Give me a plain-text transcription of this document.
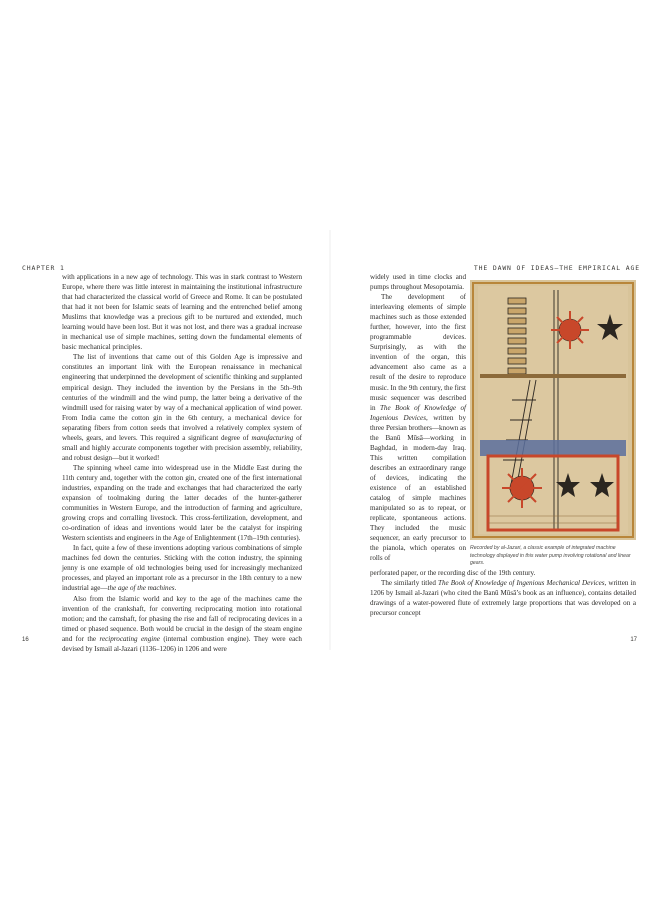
CHAPTER 1	THE DAWN OF IDEAS—THE EMPIRICAL AGE

with applications in a new age of technology. This was in stark contrast to Western Europe, where there was little interest in maintaining the institutional infrastructure that had characterized the classical world of Greece and Rome. It can be postulated that had it not been for Islamic seats of learning and the entrenched belief among Muslims that knowledge was a precious gift to be nurtured and extended, much learning would have been lost. But it was not lost, and there was a gradual increase in mechanical use of simple machines, setting down the fundamental elements of basic mechanical principles.

The list of inventions that came out of this Golden Age is impressive and constitutes an important link with the European renaissance in mechanical engineering that underpinned the development of scientific thinking and supplanted empirical design. They included the invention by the Persians in the 5th–9th centuries of the windmill and the wind pump, the latter being a derivative of the windmill used for raising water by way of a mechanical application of wind power. From India came the cotton gin in the 6th century, a mechanical device for separating fibers from cotton seeds that involved a relatively complex system of wheels, gears, and levers. This required a significant degree of manufacturing of small and highly accurate components together with precision assembly, reliability, and robust design—but it worked!

The spinning wheel came into widespread use in the Middle East during the 11th century and, together with the cotton gin, created one of the first international industries, expanding on the trade and exchanges that had characterized the early expansion of toolmaking during the latter decades of the hunter-gatherer communities in Western Europe, and the introduction of farming and agriculture, growing crops and corralling livestock. This cross-fertilization, development, and co-ordination of ideas and inventions would later be the catalyst for inspiring Western scientists and engineers in the Age of Enlightenment (17th–19th centuries).

In fact, quite a few of these inventions adopting various combinations of simple machines fed down the centuries. Sticking with the cotton industry, the spinning jenny is one example of old technologies being used for increasingly mechanized processes, and played an important role as a precursor in the 18th century to a new industrial age—the age of the machines.

Also from the Islamic world and key to the age of the machines came the invention of the crankshaft, for converting reciprocating motion into rotational motion; and the camshaft, for phasing the rise and fall of reciprocating devices in a timed or phased sequence. Both would be crucial in the design of the steam engine and for the reciprocating engine (internal combustion engine). They were each devised by Ismail al-Jazari (1136–1206) in 1206 and were

widely used in time clocks and pumps throughout Mesopotamia.

The development of interleaving elements of simple machines such as those extended further, however, into the first programmable devices. Surprisingly, as with the invention of the organ, this advancement also came as a result of the desire to reproduce music. In the 9th century, the first music sequencer was described in The Book of Knowledge of Ingenious Devices, written by three Persian brothers—known as the Banū Mūsā—working in Baghdad, in modern-day Iraq. This written compilation describes an extraordinary range of devices, indicating the existence of an established catalog of simple machines manipulated so as to repeat, or replicate, spontaneous actions. They included the music sequencer, an early precursor to the pianola, which operates on rolls of

perforated paper, or the recording disc of the 19th century.

The similarly titled The Book of Knowledge of Ingenious Mechanical Devices, written in 1206 by Ismail al-Jazari (who cited the Banū Mūsā’s book as an influence), contains detailed drawings of a water-powered flute of extremely large proportions that was developed on a precursor concept

Recorded by al-Jazari, a classic example of integrated machine technology displayed in this water pump involving rotational and linear gears.
16	17
